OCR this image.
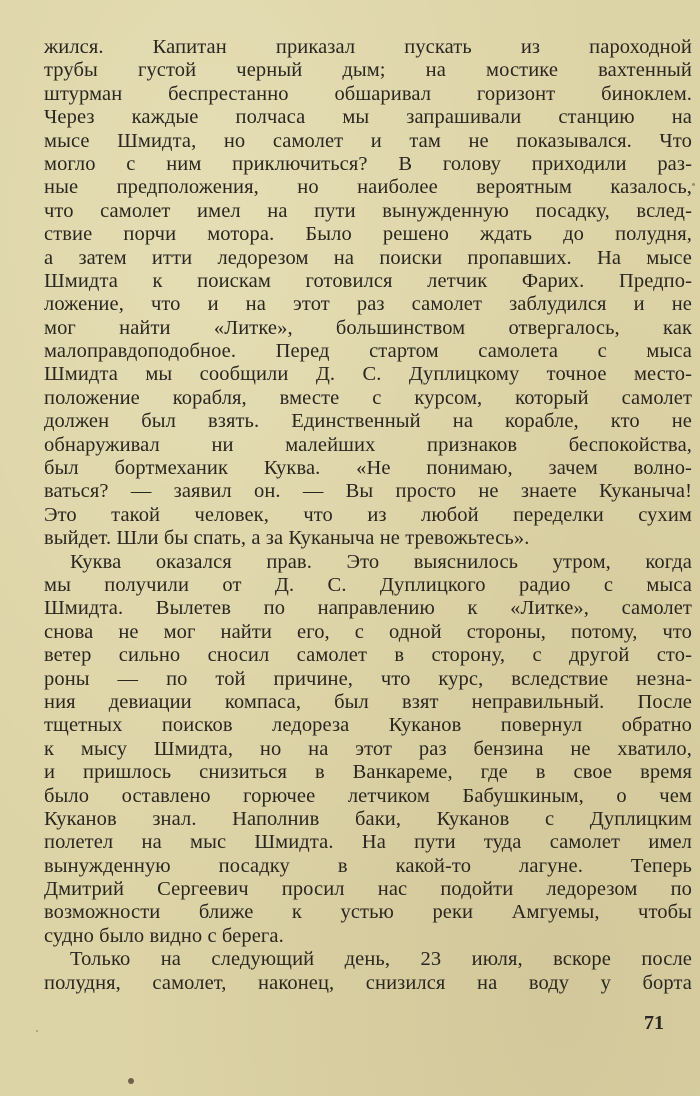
жился. Капитан приказал пускать из пароходной
трубы густой черный дым; на мостике вахтенный
штурман беспрестанно обшаривал горизонт биноклем.
Через каждые полчаса мы запрашивали станцию на
мысе Шмидта, но самолет и там не показывался. Что
могло с ним приключиться? В голову приходили раз-
ные предположения, но наиболее вероятным казалось,
что самолет имел на пути вынужденную посадку, вслед-
ствие порчи мотора. Было решено ждать до полудня,
а затем итти ледорезом на поиски пропавших. На мысе
Шмидта к поискам готовился летчик Фарих. Предпо-
ложение, что и на этот раз самолет заблудился и не
мог найти «Литке», большинством отвергалось, как
малоправдоподобное. Перед стартом самолета с мыса
Шмидта мы сообщили Д. С. Дуплицкому точное место-
положение корабля, вместе с курсом, который самолет
должен был взять. Единственный на корабле, кто не
обнаруживал ни малейших признаков беспокойства,
был бортмеханик Куква. «Не понимаю, зачем волно-
ваться? — заявил он. — Вы просто не знаете Куканыча!
Это такой человек, что из любой переделки сухим
выйдет. Шли бы спать, а за Куканыча не тревожьтесь».
Куква оказался прав. Это выяснилось утром, когда
мы получили от Д. С. Дуплицкого радио с мыса
Шмидта. Вылетев по направлению к «Литке», самолет
снова не мог найти его, с одной стороны, потому, что
ветер сильно сносил самолет в сторону, с другой сто-
роны — по той причине, что курс, вследствие незна-
ния девиации компаса, был взят неправильный. После
тщетных поисков ледореза Куканов повернул обратно
к мысу Шмидта, но на этот раз бензина не хватило,
и пришлось снизиться в Ванкареме, где в свое время
было оставлено горючее летчиком Бабушкиным, о чем
Куканов знал. Наполнив баки, Куканов с Дуплицким
полетел на мыс Шмидта. На пути туда самолет имел
вынужденную посадку в какой-то лагуне. Теперь
Дмитрий Сергеевич просил нас подойти ледорезом по
возможности ближе к устью реки Амгуемы, чтобы
судно было видно с берега.
Только на следующий день, 23 июля, вскоре после
полудня, самолет, наконец, снизился на воду у борта
71
